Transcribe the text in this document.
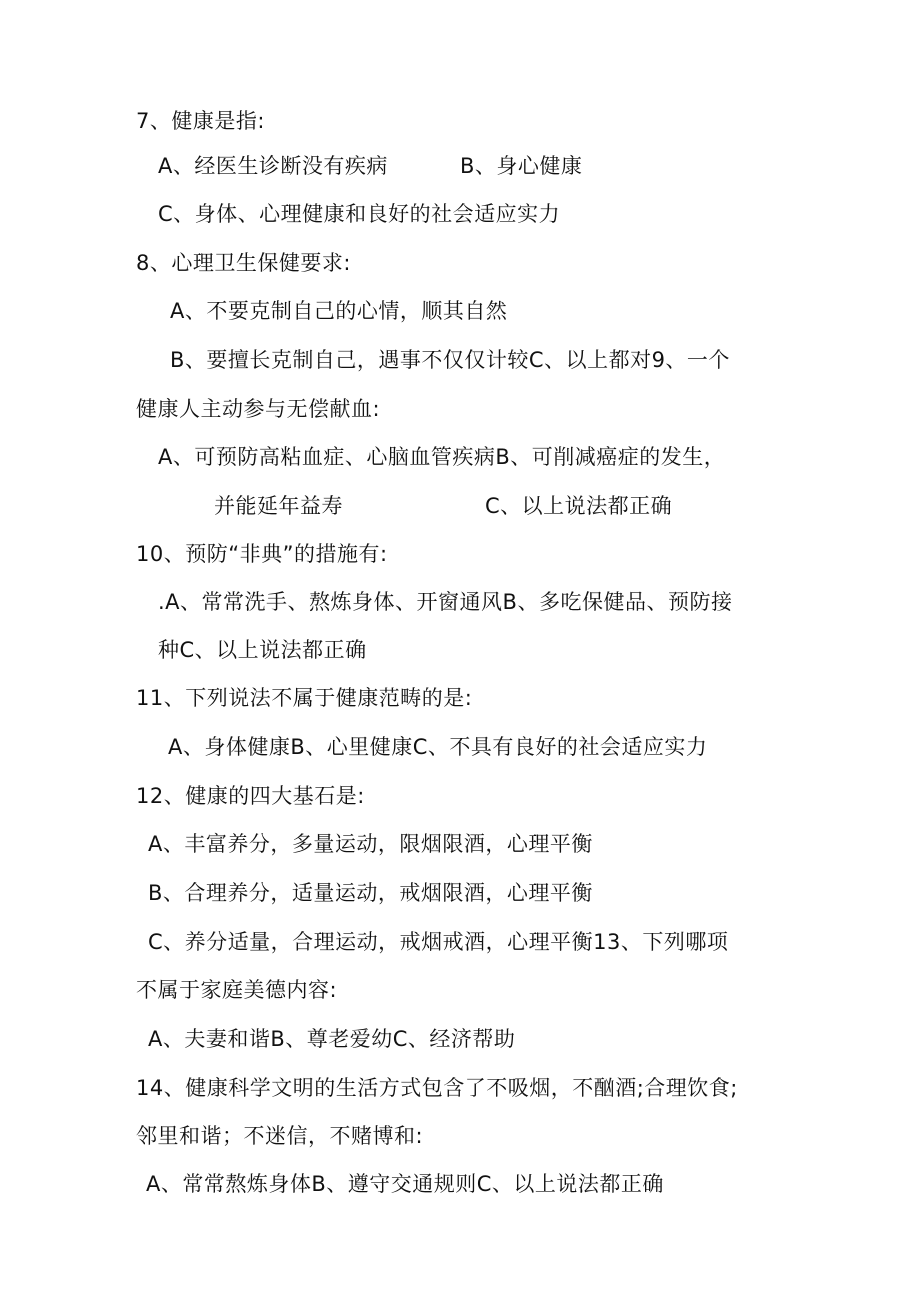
7、健康是指:
A、经医生诊断没有疾病	B、身心健康
C、身体、心理健康和良好的社会适应实力
8、心理卫生保健要求:
A、不要克制自己的心情，顺其自然
B、要擅长克制自己，遇事不仅仅计较C、以上都对9、一个
健康人主动参与无偿献血:
A、可预防高粘血症、心脑血管疾病B、可削减癌症的发生，
并能延年益寿	C、以上说法都正确
10、预防“非典”的措施有:
.A、常常洗手、熬炼身体、开窗通风B、多吃保健品、预防接
种C、以上说法都正确
11、下列说法不属于健康范畴的是:
A、身体健康B、心里健康C、不具有良好的社会适应实力
12、健康的四大基石是:
A、丰富养分，多量运动，限烟限酒，心理平衡
B、合理养分，适量运动，戒烟限酒，心理平衡
C、养分适量，合理运动，戒烟戒酒，心理平衡13、下列哪项
不属于家庭美德内容:
A、夫妻和谐B、尊老爱幼C、经济帮助
14、健康科学文明的生活方式包含了不吸烟，不酗酒;合理饮食;
邻里和谐；不迷信，不赌博和:
A、常常熬炼身体B、遵守交通规则C、以上说法都正确
